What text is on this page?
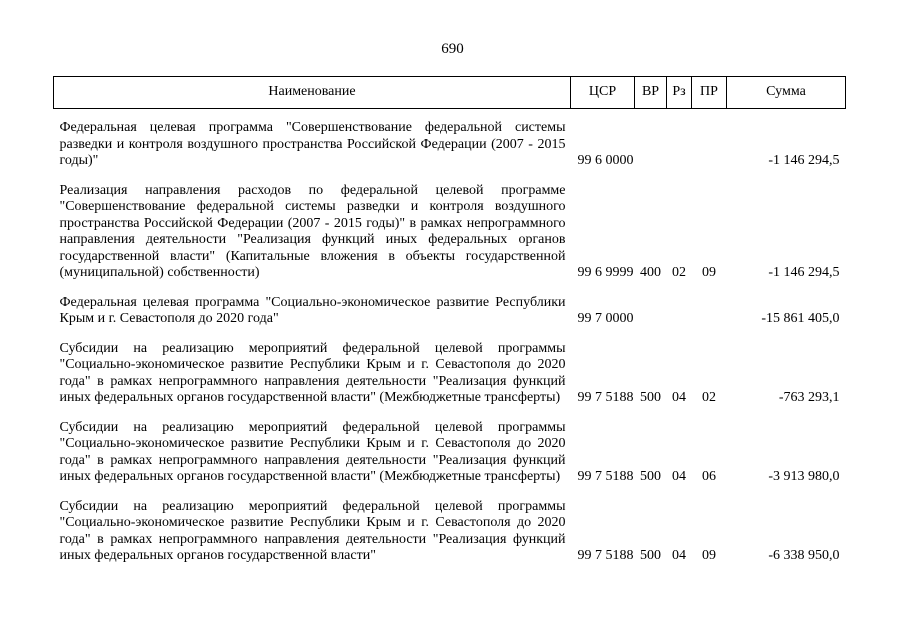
690
Наименование	ЦСР	ВР	Рз	ПР	Сумма
Федеральная целевая программа "Совершенствование федеральной системы разведки и контроля воздушного пространства Российской Федерации (2007 - 2015 годы)"	99 6 0000				-1 146 294,5
Реализация направления расходов по федеральной целевой программе "Совершенствование федеральной системы разведки и контроля воздушного пространства Российской Федерации (2007 - 2015 годы)" в рамках непрограммного направления деятельности "Реализация функций иных федеральных органов государственной власти" (Капитальные вложения в объекты государственной (муниципальной) собственности)	99 6 9999	400	02	09	-1 146 294,5
Федеральная целевая программа "Социально-экономическое развитие Республики Крым и г. Севастополя до 2020 года"	99 7 0000				-15 861 405,0
Субсидии на реализацию мероприятий федеральной целевой программы "Социально-экономическое развитие Республики Крым и г. Севастополя до 2020 года" в рамках непрограммного направления деятельности "Реализация функций иных федеральных органов государственной власти" (Межбюджетные трансферты)	99 7 5188	500	04	02	-763 293,1
Субсидии на реализацию мероприятий федеральной целевой программы "Социально-экономическое развитие Республики Крым и г. Севастополя до 2020 года" в рамках непрограммного направления деятельности "Реализация функций иных федеральных органов государственной власти" (Межбюджетные трансферты)	99 7 5188	500	04	06	-3 913 980,0
Субсидии на реализацию мероприятий федеральной целевой программы "Социально-экономическое развитие Республики Крым и г. Севастополя до 2020 года" в рамках непрограммного направления деятельности "Реализация функций иных федеральных органов государственной власти"	99 7 5188	500	04	09	-6 338 950,0
